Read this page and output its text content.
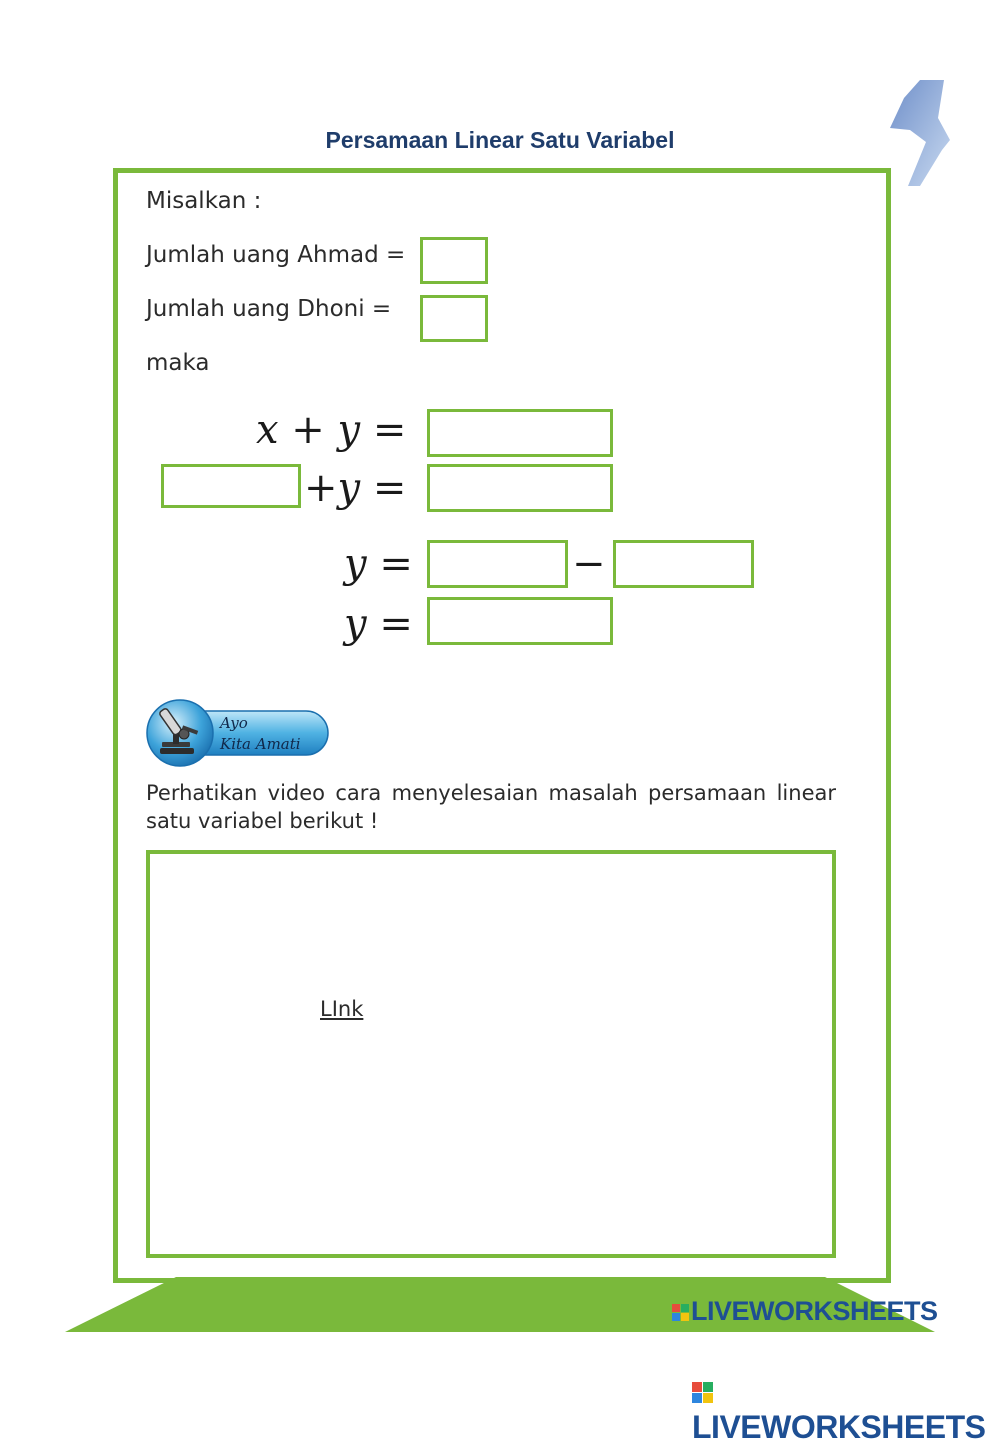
Persamaan Linear Satu Variabel
Misalkan :
Jumlah uang Ahmad =
Jumlah uang Dhoni =
maka
x + y =
+y =
y =	−
y =
Ayo
Kita Amati
Perhatikan video cara menyelesaian masalah persamaan linear satu variabel berikut !
LInk
LIVEWORKSHEETS
LIVEWORKSHEETS
